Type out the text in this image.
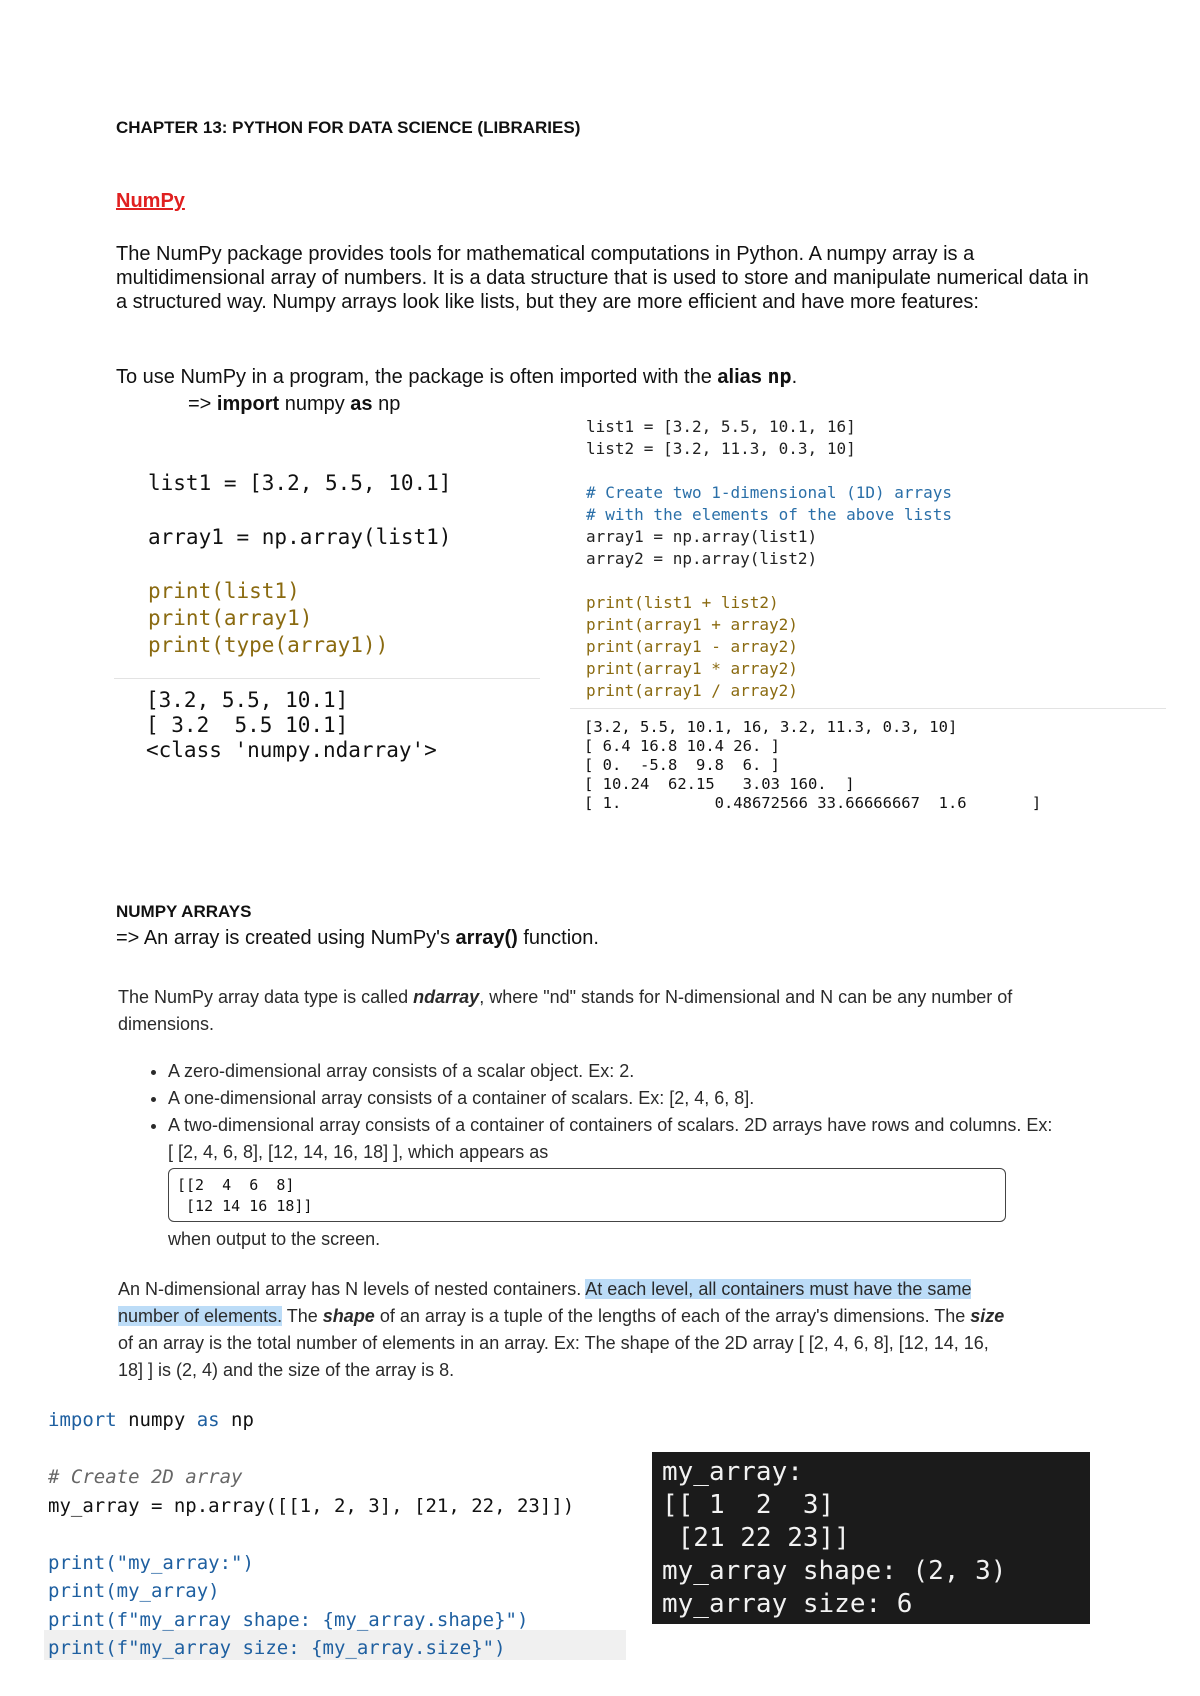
CHAPTER 13: PYTHON FOR DATA SCIENCE (LIBRARIES)
NumPy
The NumPy package provides tools for mathematical computations in Python. A numpy array is a multidimensional array of numbers. It is a data structure that is used to store and manipulate numerical data in a structured way. Numpy arrays look like lists, but they are more efficient and have more features:
To use NumPy in a program, the package is often imported with the alias np.
=> import numpy as np
list1 = [3.2, 5.5, 10.1]
array1 = np.array(list1)
print(list1)
print(array1)
print(type(array1))
[3.2, 5.5, 10.1]
[ 3.2  5.5 10.1]
<class 'numpy.ndarray'>
list1 = [3.2, 5.5, 10.1, 16]
list2 = [3.2, 11.3, 0.3, 10]
# Create two 1-dimensional (1D) arrays
# with the elements of the above lists
array1 = np.array(list1)
array2 = np.array(list2)
print(list1 + list2)
print(array1 + array2)
print(array1 - array2)
print(array1 * array2)
print(array1 / array2)
[3.2, 5.5, 10.1, 16, 3.2, 11.3, 0.3, 10]
[ 6.4 16.8 10.4 26. ]
[ 0.  -5.8  9.8  6. ]
[ 10.24  62.15   3.03 160.  ]
[ 1.          0.48672566 33.66666667  1.6       ]
NUMPY ARRAYS
=> An array is created using NumPy's array() function.
The NumPy array data type is called ndarray, where "nd" stands for N-dimensional and N can be any number of dimensions.
• A zero-dimensional array consists of a scalar object. Ex: 2.
• A one-dimensional array consists of a container of scalars. Ex: [2, 4, 6, 8].
• A two-dimensional array consists of a container of containers of scalars. 2D arrays have rows and columns. Ex: [ [2, 4, 6, 8], [12, 14, 16, 18] ], which appears as
[[2  4  6  8]
[12 14 16 18]]
when output to the screen.
An N-dimensional array has N levels of nested containers. At each level, all containers must have the same number of elements. The shape of an array is a tuple of the lengths of each of the array's dimensions. The size of an array is the total number of elements in an array. Ex: The shape of the 2D array [ [2, 4, 6, 8], [12, 14, 16, 18] ] is (2, 4) and the size of the array is 8.
import numpy as np
# Create 2D array
my_array = np.array([[1, 2, 3], [21, 22, 23]])
print("my_array:")
print(my_array)
print(f"my_array shape: {my_array.shape}")
print(f"my_array size: {my_array.size}")
my_array:
[[ 1  2  3]
[21 22 23]]
my_array shape: (2, 3)
my_array size: 6
